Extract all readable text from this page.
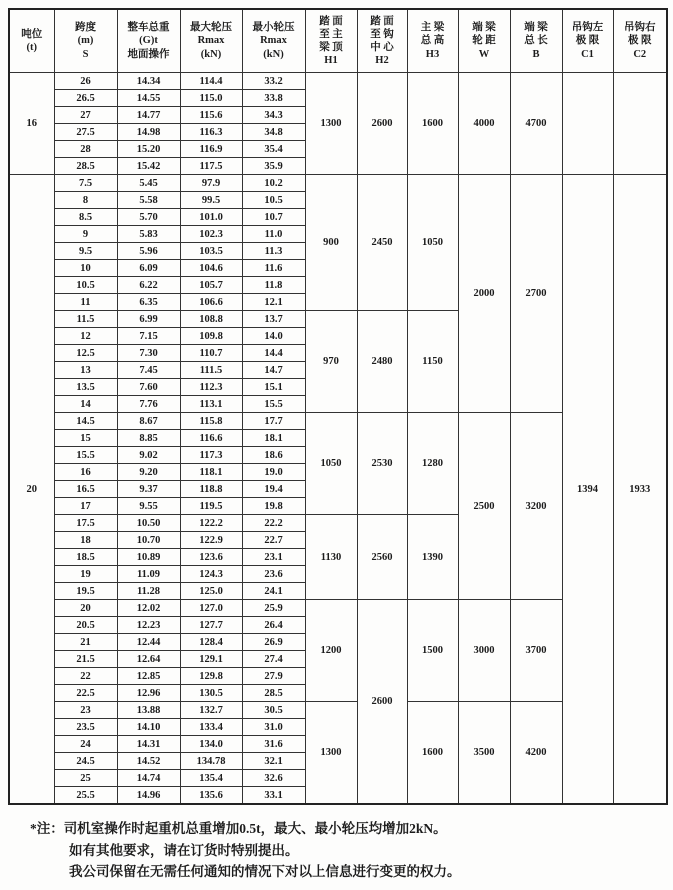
吨位
(t)

跨度
(m)
S

整车总重
(G)t
地面操作

最大轮压
Rmax
(kN)

最小轮压
Rmax
(kN)

踏 面
至 主
梁 顶
H1

踏 面
至 钩
中 心
H2

主 梁
总 高
H3

端 梁
轮 距
W

端 梁
总 长
B

吊钩左
极 限
C1

吊钩右
极 限
C2

16	26	14.34	114.4	33.2	1300	2600	1600	4000	4700		
	26.5	14.55	115.0	33.8							
	27	14.77	115.6	34.3							
	27.5	14.98	116.3	34.8							
	28	15.20	116.9	35.4							
	28.5	15.42	117.5	35.9							
20	7.5	5.45	97.9	10.2	900	2450	1050	2000	2700	1394	1933
	8	5.58	99.5	10.5							
	8.5	5.70	101.0	10.7							
	9	5.83	102.3	11.0							
	9.5	5.96	103.5	11.3							
	10	6.09	104.6	11.6							
	10.5	6.22	105.7	11.8							
	11	6.35	106.6	12.1							
	11.5	6.99	108.8	13.7	970	2480	1150				
	12	7.15	109.8	14.0							
	12.5	7.30	110.7	14.4							
	13	7.45	111.5	14.7							
	13.5	7.60	112.3	15.1							
	14	7.76	113.1	15.5							
	14.5	8.67	115.8	17.7	1050	2530	1280	2500	3200		
	15	8.85	116.6	18.1							
	15.5	9.02	117.3	18.6							
	16	9.20	118.1	19.0							
	16.5	9.37	118.8	19.4							
	17	9.55	119.5	19.8							
	17.5	10.50	122.2	22.2	1130	2560	1390				
	18	10.70	122.9	22.7							
	18.5	10.89	123.6	23.1							
	19	11.09	124.3	23.6							
	19.5	11.28	125.0	24.1							
	20	12.02	127.0	25.9	1200	2600	1500	3000	3700		
	20.5	12.23	127.7	26.4							
	21	12.44	128.4	26.9							
	21.5	12.64	129.1	27.4							
	22	12.85	129.8	27.9							
	22.5	12.96	130.5	28.5							
	23	13.88	132.7	30.5	1300		1600	3500	4200		
	23.5	14.10	133.4	31.0							
	24	14.31	134.0	31.6							
	24.5	14.52	134.78	32.1							
	25	14.74	135.4	32.6							
	25.5	14.96	135.6	33.1							
*注：司机室操作时起重机总重增加0.5t，最大、最小轮压均增加2kN。
如有其他要求，请在订货时特别提出。
我公司保留在无需任何通知的情况下对以上信息进行变更的权力。
